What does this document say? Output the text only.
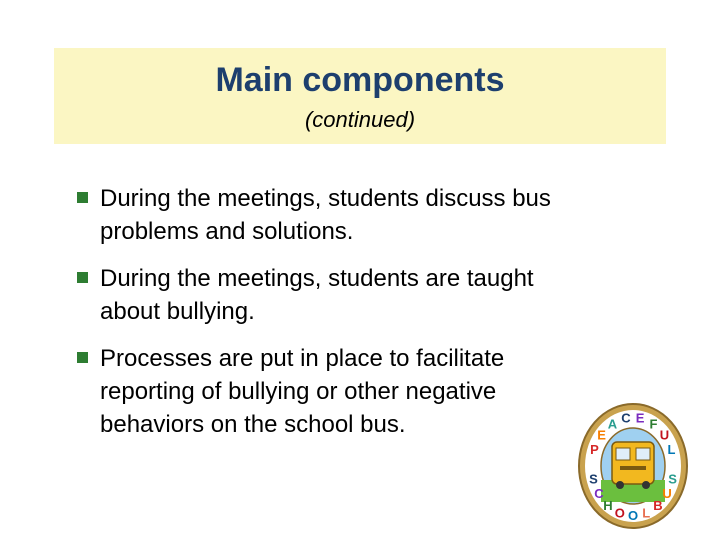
Main components
(continued)
During the meetings, students discuss bus
problems and solutions.
During the meetings, students are taught
about bullying.
Processes are put in place to facilitate
reporting of bullying or other negative
behaviors on the school bus.
P
E
A C E F
U
L
S
C
H O O L B
U
S
